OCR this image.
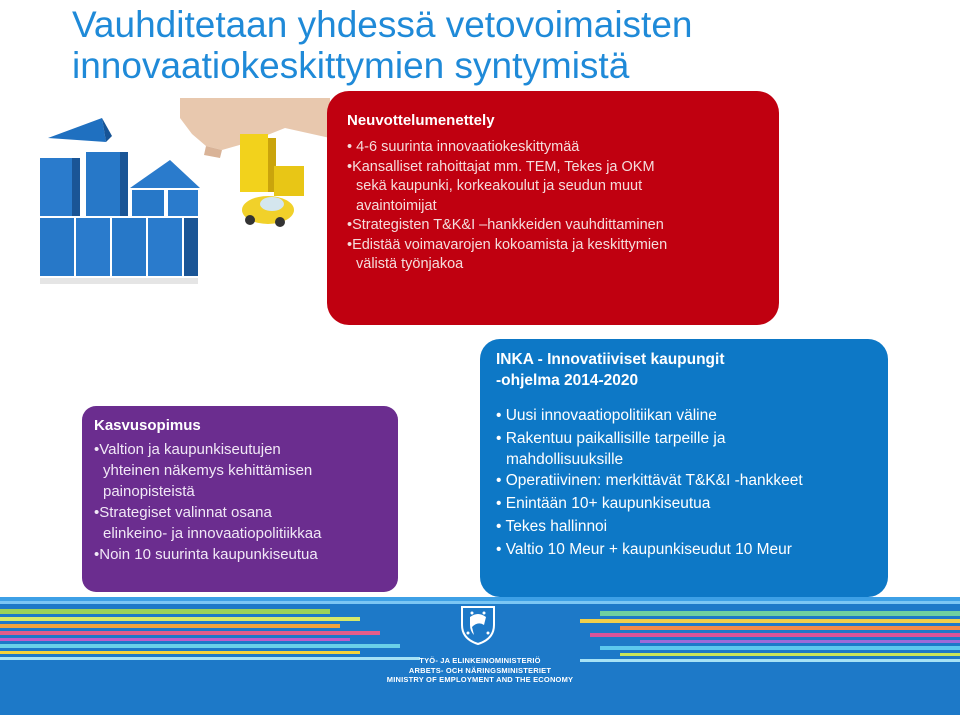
Vauhditetaan yhdessä vetovoimaisten
innovaatiokeskittymien syntymistä
Neuvottelumenettely
• 4-6 suurinta innovaatiokeskittymää
•Kansalliset rahoittajat mm. TEM, Tekes ja OKM
sekä kaupunki, korkeakoulut ja seudun muut
avaintoimijat
•Strategisten T&K&I –hankkeiden vauhdittaminen
•Edistää voimavarojen kokoamista ja keskittymien
välistä työnjakoa
Kasvusopimus
•Valtion ja kaupunkiseutujen
yhteinen näkemys kehittämisen
painopisteistä
•Strategiset valinnat osana
elinkeino- ja innovaatiopolitiikkaa
•Noin 10 suurinta kaupunkiseutua
INKA - Innovatiiviset kaupungit
-ohjelma 2014-2020
• Uusi innovaatiopolitiikan väline
• Rakentuu paikallisille tarpeille ja
mahdollisuuksille
• Operatiivinen: merkittävät T&K&I -hankkeet
• Enintään 10+ kaupunkiseutua
• Tekes hallinnoi
• Valtio 10 Meur + kaupunkiseudut 10 Meur
TYÖ- JA ELINKEINOMINISTERIÖ
ARBETS- OCH NÄRINGSMINISTERIET
MINISTRY OF EMPLOYMENT AND THE ECONOMY
